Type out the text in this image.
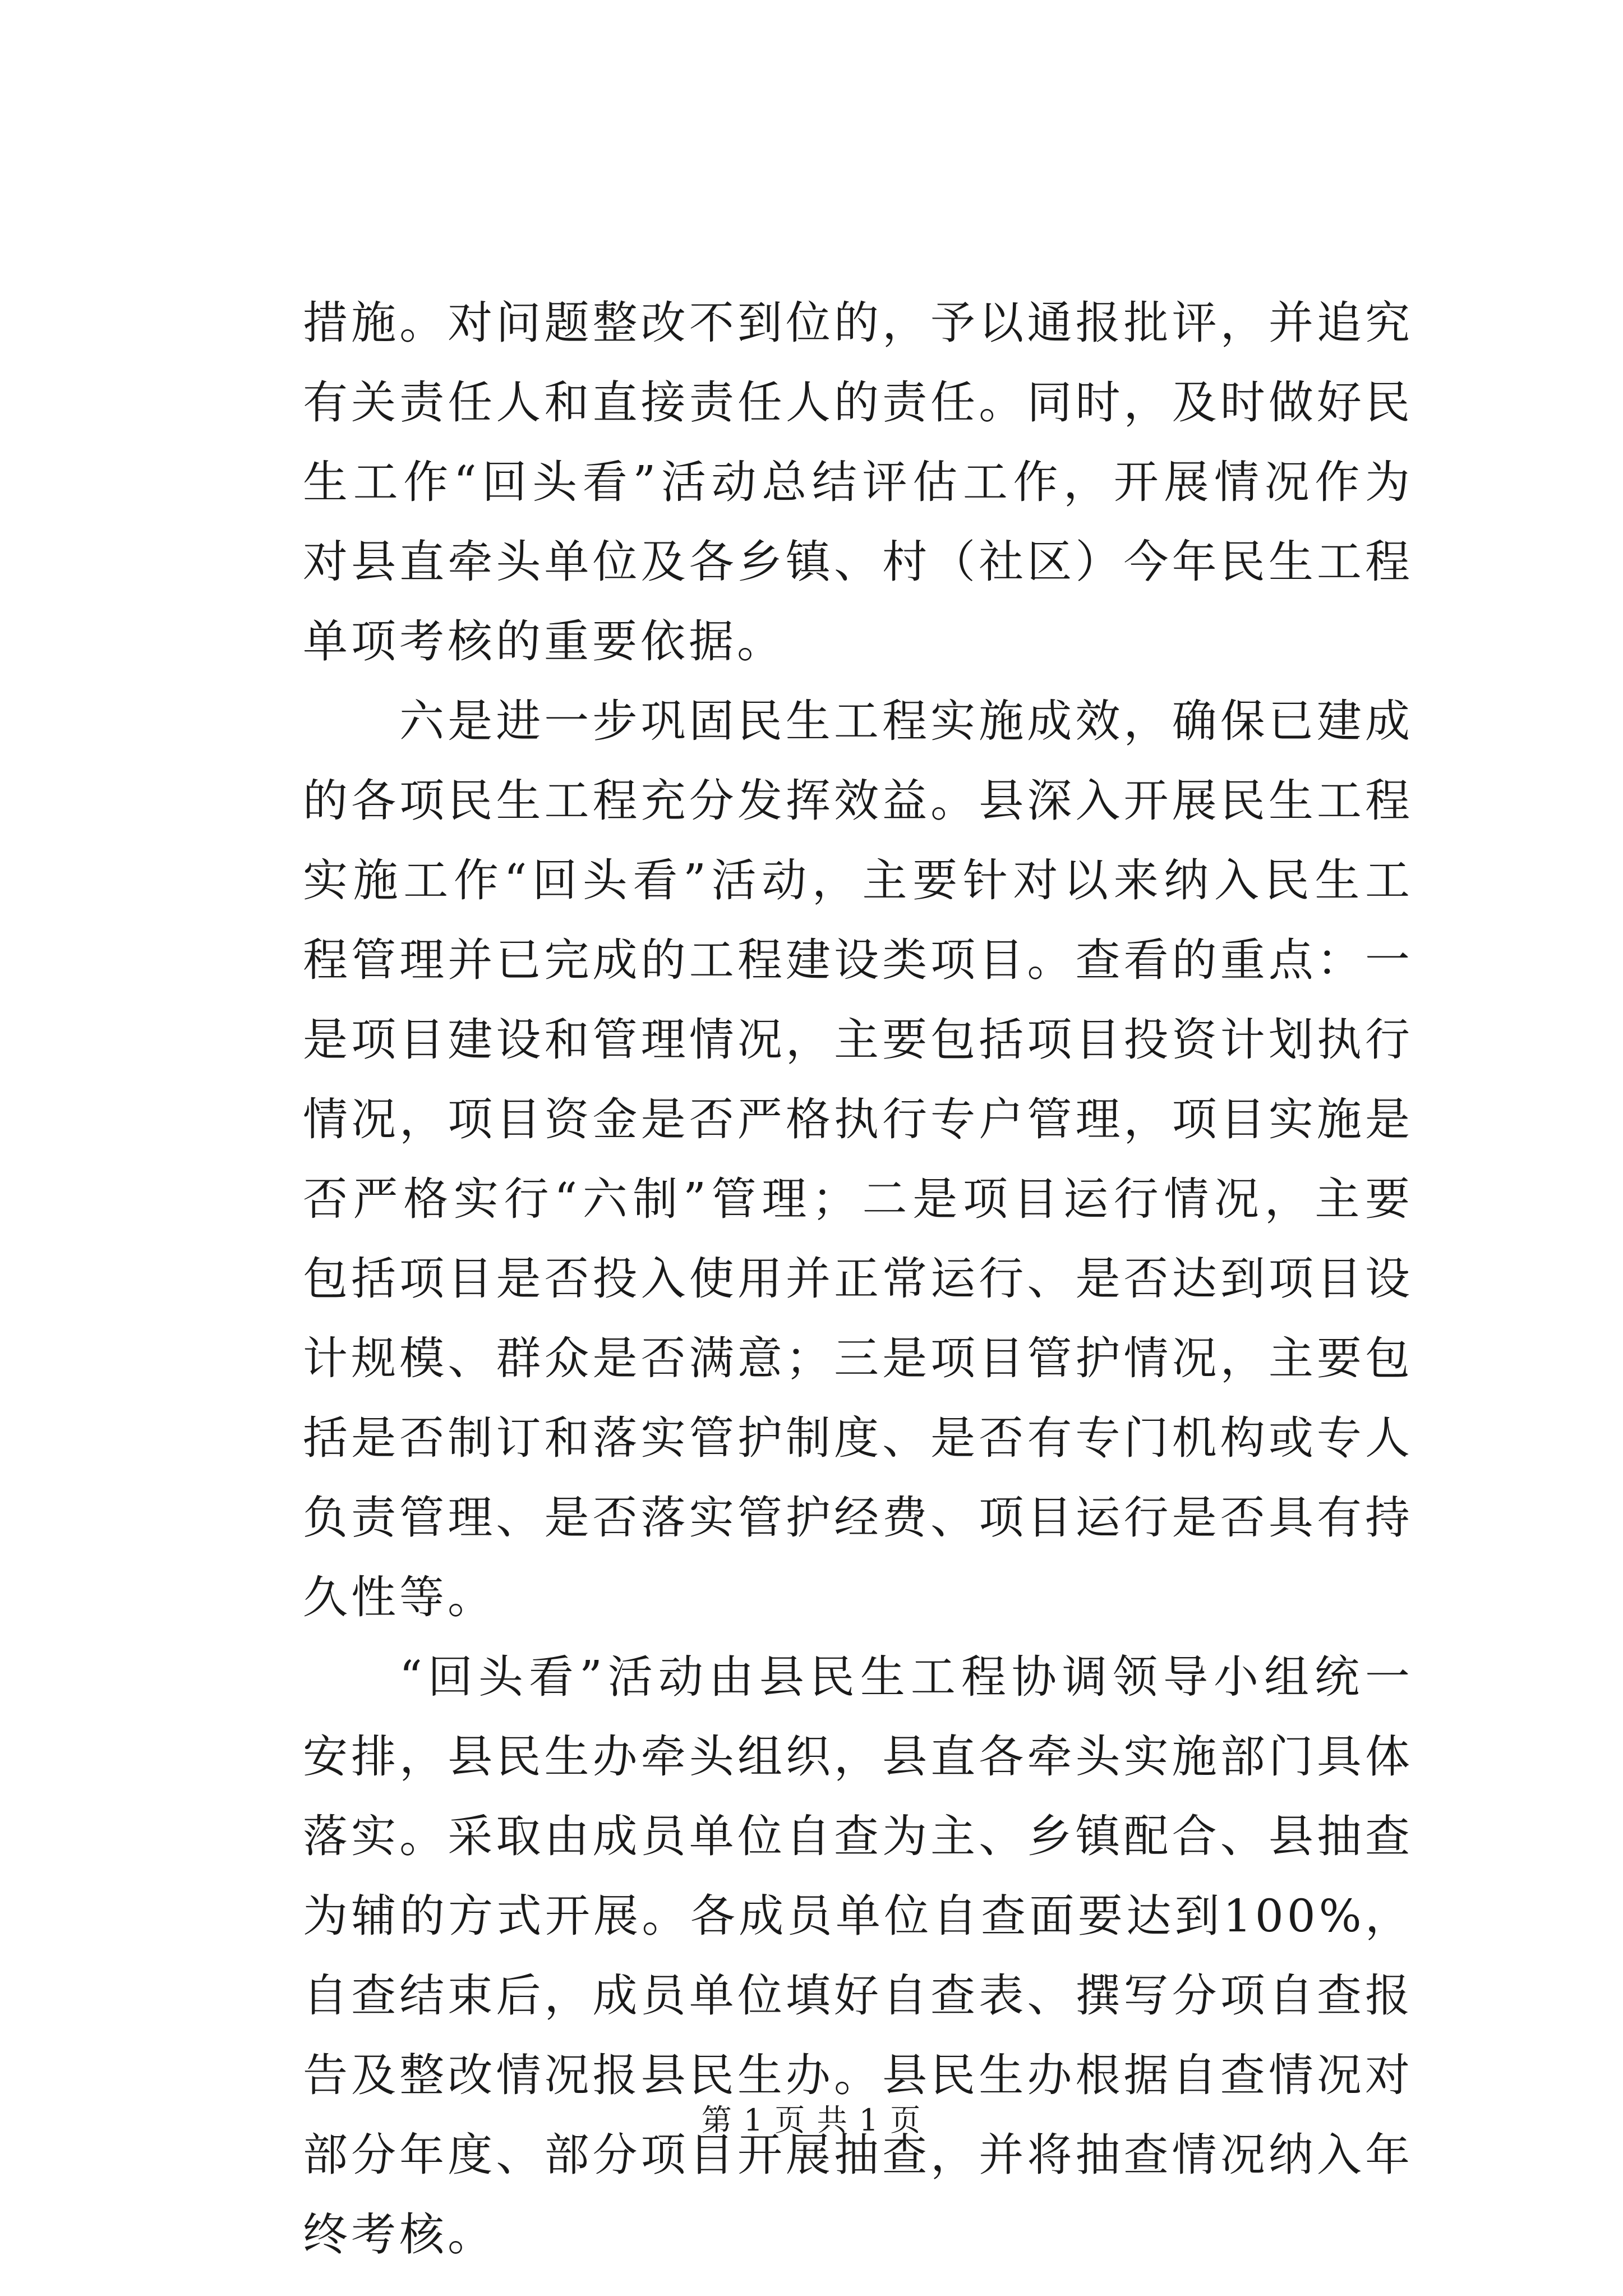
措施。对问题整改不到位的，予以通报批评，并追究有关责任人和直接责任人的责任。同时，及时做好民生工作“回头看”活动总结评估工作，开展情况作为对县直牵头单位及各乡镇、村（社区）今年民生工程单项考核的重要依据。

六是进一步巩固民生工程实施成效，确保已建成的各项民生工程充分发挥效益。县深入开展民生工程实施工作“回头看”活动，主要针对以来纳入民生工程管理并已完成的工程建设类项目。查看的重点：一是项目建设和管理情况，主要包括项目投资计划执行情况，项目资金是否严格执行专户管理，项目实施是否严格实行“六制”管理；二是项目运行情况，主要包括项目是否投入使用并正常运行、是否达到项目设计规模、群众是否满意；三是项目管护情况，主要包括是否制订和落实管护制度、是否有专门机构或专人负责管理、是否落实管护经费、项目运行是否具有持久性等。

“回头看”活动由县民生工程协调领导小组统一安排，县民生办牵头组织，县直各牵头实施部门具体落实。采取由成员单位自查为主、乡镇配合、县抽查为辅的方式开展。各成员单位自查面要达到100%，自查结束后，成员单位填好自查表、撰写分项自查报告及整改情况报县民生办。县民生办根据自查情况对部分年度、部分项目开展抽查，并将抽查情况纳入年终考核。

第 1 页 共 1 页
